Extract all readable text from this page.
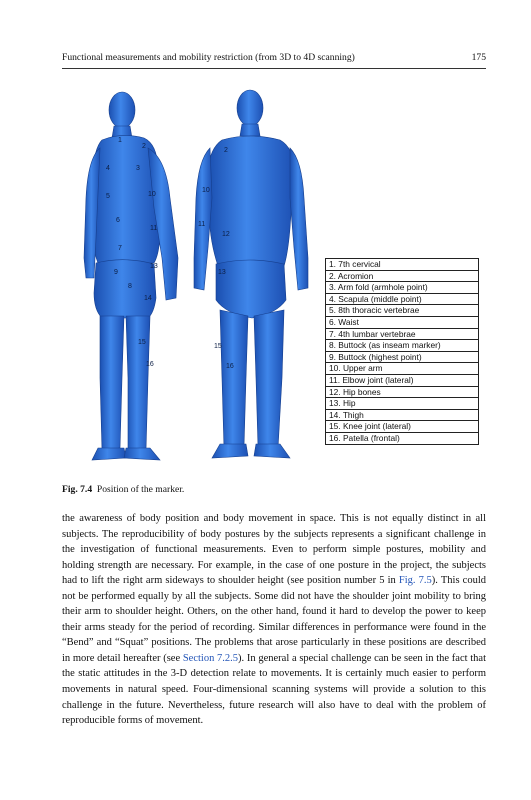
Functional measurements and mobility restriction (from 3D to 4D scanning)	175
1
2
3
4
5
6
7
8
9
10
11
13
14
15
16
2
10
11
12
13
15
16
1. 7th cervical
2. Acromion
3. Arm fold (armhole point)
4. Scapula (middle point)
5. 8th thoracic vertebrae
6. Waist
7. 4th lumbar vertebrae
8. Buttock (as inseam marker)
9. Buttock (highest point)
10. Upper arm
11. Elbow joint (lateral)
12. Hip bones
13. Hip
14. Thigh
15. Knee joint (lateral)
16. Patella (frontal)
Fig. 7.4 Position of the marker.

the awareness of body position and body movement in space. This is not equally distinct in all subjects. The reproducibility of body postures by the subjects represents a significant challenge in the investigation of functional measurements. Even to perform simple postures, mobility and holding strength are necessary. For example, in the case of one posture in the project, the subjects had to lift the right arm sideways to shoulder height (see position number 5 in Fig. 7.5). This could not be performed equally by all the subjects. Some did not have the shoulder joint mobility to bring their arm to shoulder height. Others, on the other hand, found it hard to develop the power to keep their arms steady for the period of recording. Similar differences in performance were found in the “Bend” and “Squat” positions. The problems that arose particularly in these positions are described in more detail hereafter (see Section 7.2.5). In general a special challenge can be seen in the fact that the static attitudes in the 3-D detection relate to movements. It is certainly much easier to perform movements in natural speed. Four-dimensional scanning systems will provide a solution to this challenge in the future. Nevertheless, future research will also have to deal with the problem of reproducible forms of movement.
